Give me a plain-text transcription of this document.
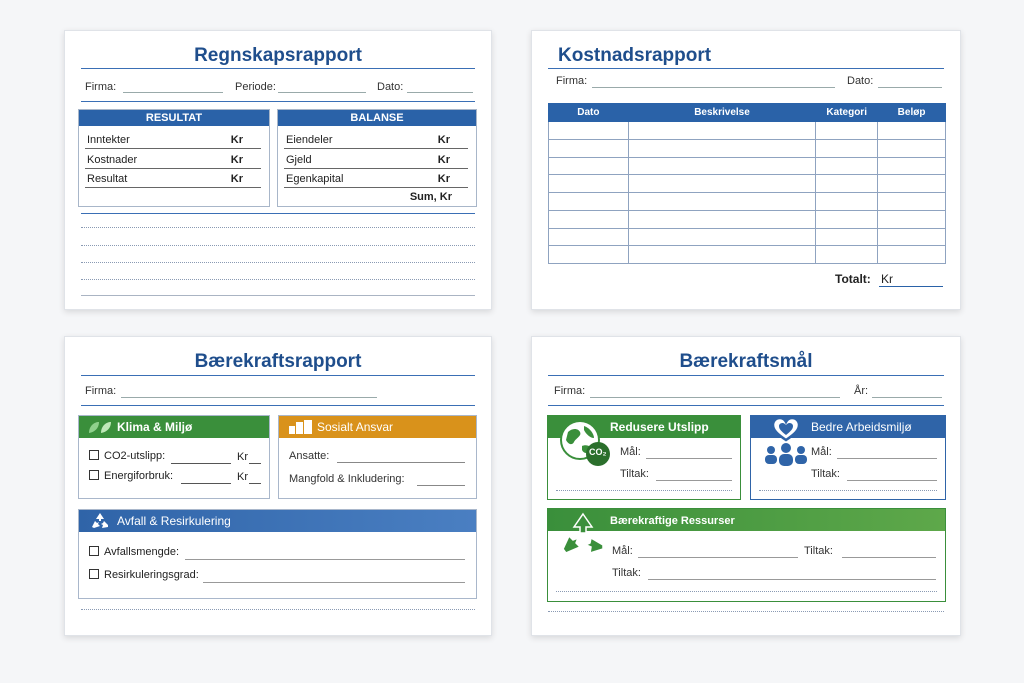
Regnskapsrapport
Firma:	Periode:	Dato:
RESULTAT
Inntekter	Kr
Kostnader	Kr
Resultat	Kr
BALANSE
Eiendeler	Kr
Gjeld	Kr
Egenkapital	Kr
Sum, Kr
Kostnadsrapport
Firma:	Dato:
Dato	Beskrivelse	Kategori	Beløp

Totalt: Kr
Bærekraftsrapport
Firma:
Klima & Miljø
CO2-utslipp:	Kr
Energiforbruk:	Kr
Sosialt Ansvar
Ansatte:
Mangfold & Inkludering:
Avfall & Resirkulering
Avfallsmengde:
Resirkuleringsgrad:
Bærekraftsmål
Firma:	År:
Redusere Utslipp
CO₂ Mål:
Tiltak:
Bedre Arbeidsmiljø
Mål:
Tiltak:
Bærekraftige Ressurser
Mål:	Tiltak:
Tiltak:
